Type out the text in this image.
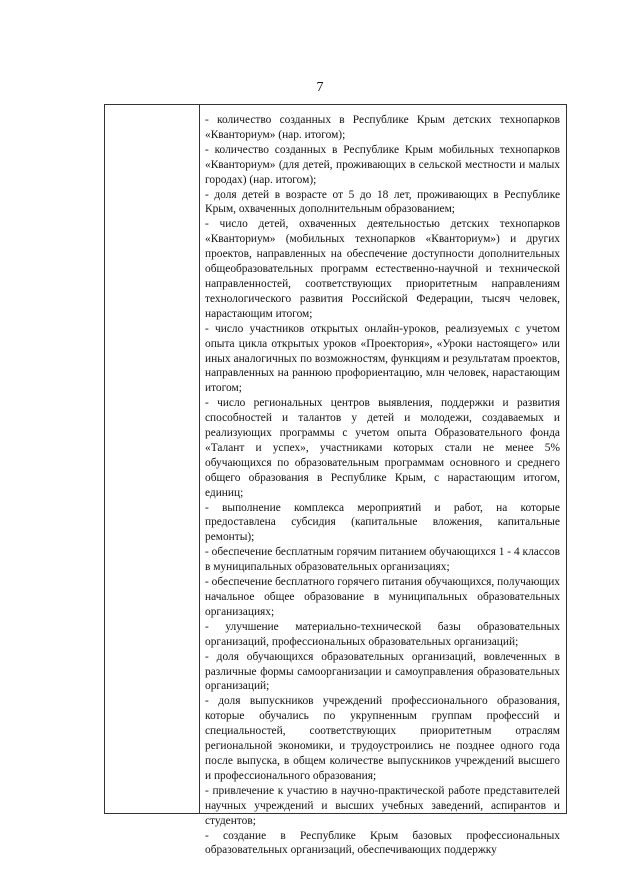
7

- количество созданных в Республике Крым детских технопарков «Кванториум» (нар. итогом);

- количество созданных в Республике Крым мобильных технопарков «Кванториум» (для детей, проживающих в сельской местности и малых городах) (нар. итогом);

- доля детей в возрасте от 5 до 18 лет, проживающих в Республике Крым, охваченных дополнительным образованием;

- число детей, охваченных деятельностью детских технопарков «Кванториум» (мобильных технопарков «Кванториум») и других проектов, направленных на обеспечение доступности дополнительных общеобразовательных программ естественно-научной и технической направленностей, соответствующих приоритетным направлениям технологического развития Российской Федерации, тысяч человек, нарастающим итогом;

- число участников открытых онлайн-уроков, реализуемых с учетом опыта цикла открытых уроков «Проектория», «Уроки настоящего» или иных аналогичных по возможностям, функциям и результатам проектов, направленных на раннюю профориентацию, млн человек, нарастающим итогом;

- число региональных центров выявления, поддержки и развития способностей и талантов у детей и молодежи, создаваемых и реализующих программы с учетом опыта Образовательного фонда «Талант и успех», участниками которых стали не менее 5% обучающихся по образовательным программам основного и среднего общего образования в Республике Крым, с нарастающим итогом, единиц;

- выполнение комплекса мероприятий и работ, на которые предоставлена субсидия (капитальные вложения, капитальные ремонты);

- обеспечение бесплатным горячим питанием обучающихся 1 - 4 классов в муниципальных образовательных организациях;

- обеспечение бесплатного горячего питания обучающихся, получающих начальное общее образование в муниципальных образовательных организациях;

- улучшение материально-технической базы образовательных организаций, профессиональных образовательных организаций;

- доля обучающихся образовательных организаций, вовлеченных в различные формы самоорганизации и самоуправления образовательных организаций;

- доля выпускников учреждений профессионального образования, которые обучались по укрупненным группам профессий и специальностей, соответствующих приоритетным отраслям региональной экономики, и трудоустроились не позднее одного года после выпуска, в общем количестве выпускников учреждений высшего и профессионального образования;

- привлечение к участию в научно-практической работе представителей научных учреждений и высших учебных заведений, аспирантов и студентов;

- создание в Республике Крым базовых профессиональных образовательных организаций, обеспечивающих поддержку
